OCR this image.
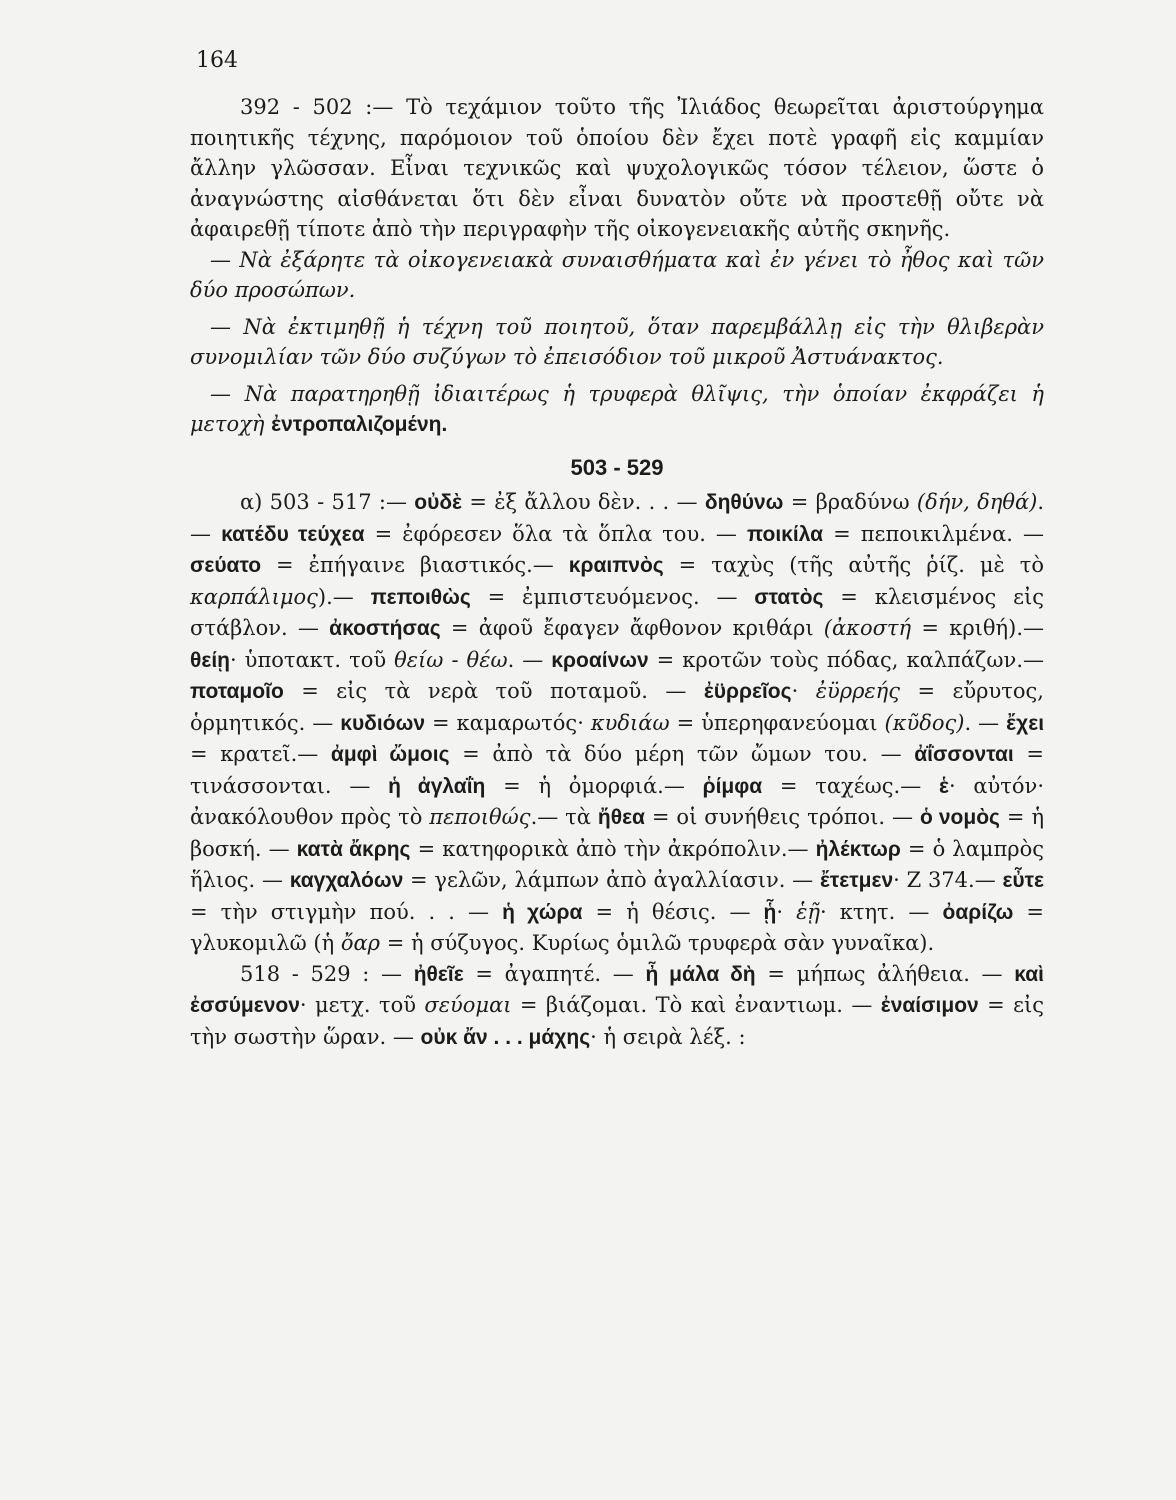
164

392 - 502 :— Τὸ τεχάμιον τοῦτο τῆς Ἰλιάδος θεωρεῖται ἀριστούργημα ποιητικῆς τέχνης, παρόμοιον τοῦ ὁποίου δὲν ἔχει ποτὲ γραφῆ εἰς καμμίαν ἄλλην γλῶσσαν. Εἶναι τεχνικῶς καὶ ψυχολογικῶς τόσον τέλειον, ὥστε ὁ ἀναγνώστης αἰσθάνεται ὅτι δὲν εἶναι δυνατὸν οὔτε νὰ προστεθῇ οὔτε νὰ ἀφαιρεθῇ τίποτε ἀπὸ τὴν περιγραφὴν τῆς οἰκογενειακῆς αὐτῆς σκηνῆς.

— Νὰ ἐξάρητε τὰ οἰκογενειακὰ συναισθήματα καὶ ἐν γένει τὸ ἦθος καὶ τῶν δύο προσώπων.

— Νὰ ἐκτιμηθῇ ἡ τέχνη τοῦ ποιητοῦ, ὅταν παρεμβάλλῃ εἰς τὴν θλιβερὰν συνομιλίαν τῶν δύο συζύγων τὸ ἐπεισόδιον τοῦ μικροῦ Ἀστυάνακτος.

— Νὰ παρατηρηθῇ ἰδιαιτέρως ἡ τρυφερὰ θλῖψις, τὴν ὁποίαν ἐκφράζει ἡ μετοχὴ ἐντροπαλιζομένη.

503 - 529

α) 503 - 517 :— οὐδὲ = ἐξ ἄλλου δὲν. . . — δηθύνω = βραδύνω (δήν, δηθά). — κατέδυ τεύχεα = ἐφόρεσεν ὅλα τὰ ὅπλα του. — ποικίλα = πεποικιλμένα. — σεύατο = ἐπήγαινε βιαστικός.— κραιπνὸς = ταχὺς (τῆς αὐτῆς ῥίζ. μὲ τὸ καρπάλιμος).— πεποιθὼς = ἐμπιστευόμενος. — στατὸς = κλεισμένος εἰς στάβλον. — ἀκοστήσας = ἀφοῦ ἔφαγεν ἄφθονον κριθάρι (ἀκοστή = κριθή).— θείῃ· ὑποτακτ. τοῦ θείω - θέω. — κροαίνων = κροτῶν τοὺς πόδας, καλπάζων.— ποταμοῖο = εἰς τὰ νερὰ τοῦ ποταμοῦ. — ἐϋρρεῖος· ἐϋρρεής = εὔρυτος, ὁρμητικός. — κυδιόων = καμαρωτός· κυδιάω = ὑπερηφανεύομαι (κῦδος). — ἔχει = κρατεῖ.— ἀμφὶ ὤμοις = ἀπὸ τὰ δύο μέρη τῶν ὤμων του. — ἀΐσσονται = τινάσσονται. — ἡ ἀγλαΐη = ἡ ὀμορφιά.— ῥίμφα = ταχέως.— ἑ· αὐτόν· ἀνακόλουθον πρὸς τὸ πεποιθώς.— τὰ ἤθεα = οἱ συνήθεις τρόποι. — ὁ νομὸς = ἡ βοσκή. — κατὰ ἄκρης = κατηφορικὰ ἀπὸ τὴν ἀκρόπολιν.— ἠλέκτωρ = ὁ λαμπρὸς ἥλιος. — καγχαλόων = γελῶν, λάμπων ἀπὸ ἀγαλλίασιν. — ἔτετμεν· Ζ 374.— εὖτε = τὴν στιγμὴν πού. . . — ἡ χώρα = ἡ θέσις. — ᾗ· ἑῇ· κτητ. — ὀαρίζω = γλυκομιλῶ (ἡ ὄαρ = ἡ σύζυγος. Κυρίως ὁμιλῶ τρυφερὰ σὰν γυναῖκα).

518 - 529 : — ἠθεῖε = ἀγαπητέ. — ἦ μάλα δὴ = μήπως ἀλήθεια. — καὶ ἐσσύμενον· μετχ. τοῦ σεύομαι = βιάζομαι. Τὸ καὶ ἐναντιωμ. — ἐναίσιμον = εἰς τὴν σωστὴν ὥραν. — οὐκ ἄν . . . μάχης· ἡ σειρὰ λέξ. :
